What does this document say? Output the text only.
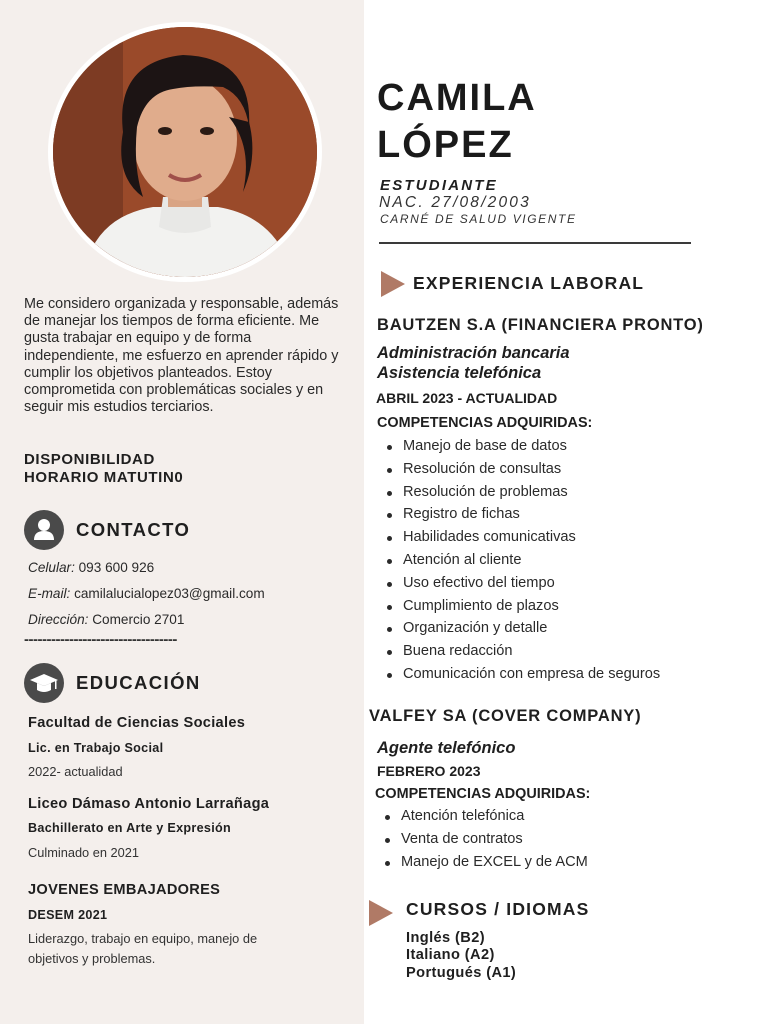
Me considero organizada y responsable, además de manejar los tiempos de forma eficiente. Me gusta trabajar en equipo y de forma independiente, me esfuerzo en aprender rápido y cumplir los objetivos planteados. Estoy comprometida con problemáticas sociales y en seguir mis estudios terciarios.
DISPONIBILIDAD
HORARIO MATUTIN0
CONTACTO
Celular: 093 600 926
E-mail: camilalucialopez03@gmail.com
Dirección: Comercio 2701
----------------------------------
EDUCACIÓN
Facultad de Ciencias Sociales
Lic. en Trabajo Social
2022- actualidad
Liceo Dámaso Antonio Larrañaga
Bachillerato en Arte y Expresión
Culminado en 2021
JOVENES EMBAJADORES
DESEM 2021
Liderazgo, trabajo en equipo, manejo de objetivos y problemas.
CAMILA
LÓPEZ
ESTUDIANTE
NAC. 27/08/2003
CARNÉ DE SALUD VIGENTE
EXPERIENCIA LABORAL
BAUTZEN S.A (FINANCIERA PRONTO)
Administración bancaria
Asistencia telefónica
ABRIL 2023 - ACTUALIDAD
COMPETENCIAS ADQUIRIDAS:
Manejo de base de datos
Resolución de consultas
Resolución de problemas
Registro de fichas
Habilidades comunicativas
Atención al cliente
Uso efectivo del tiempo
Cumplimiento de plazos
Organización y detalle
Buena redacción
Comunicación con empresa de seguros
VALFEY SA (COVER COMPANY)
Agente telefónico
FEBRERO 2023
COMPETENCIAS ADQUIRIDAS:
Atención telefónica
Venta de contratos
Manejo de EXCEL y de ACM
CURSOS / IDIOMAS
Inglés (B2)
Italiano (A2)
Portugués (A1)
